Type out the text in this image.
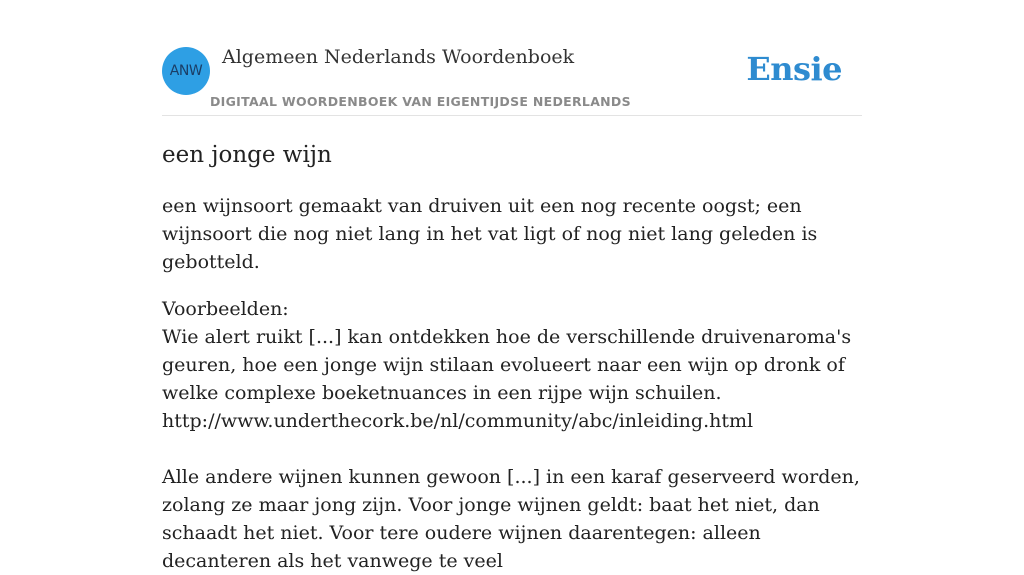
ANW
Algemeen Nederlands Woordenboek
DIGITAAL WOORDENBOEK VAN EIGENTIJDSE NEDERLANDS
Ensie
een jonge wijn

een wijnsoort gemaakt van druiven uit een nog recente oogst; een wijnsoort die nog niet lang in het vat ligt of nog niet lang geleden is gebotteld.

Voorbeelden:
Wie alert ruikt [...] kan ontdekken hoe de verschillende druivenaroma's geuren, hoe een jonge wijn stilaan evolueert naar een wijn op dronk of welke complexe boeketnuances in een rijpe wijn schuilen.
http://www.underthecork.be/nl/community/abc/inleiding.html
Alle andere wijnen kunnen gewoon [...] in een karaf geserveerd worden, zolang ze maar jong zijn. Voor jonge wijnen geldt: baat het niet, dan schaadt het niet. Voor tere oudere wijnen daarentegen: alleen decanteren als het vanwege te veel
